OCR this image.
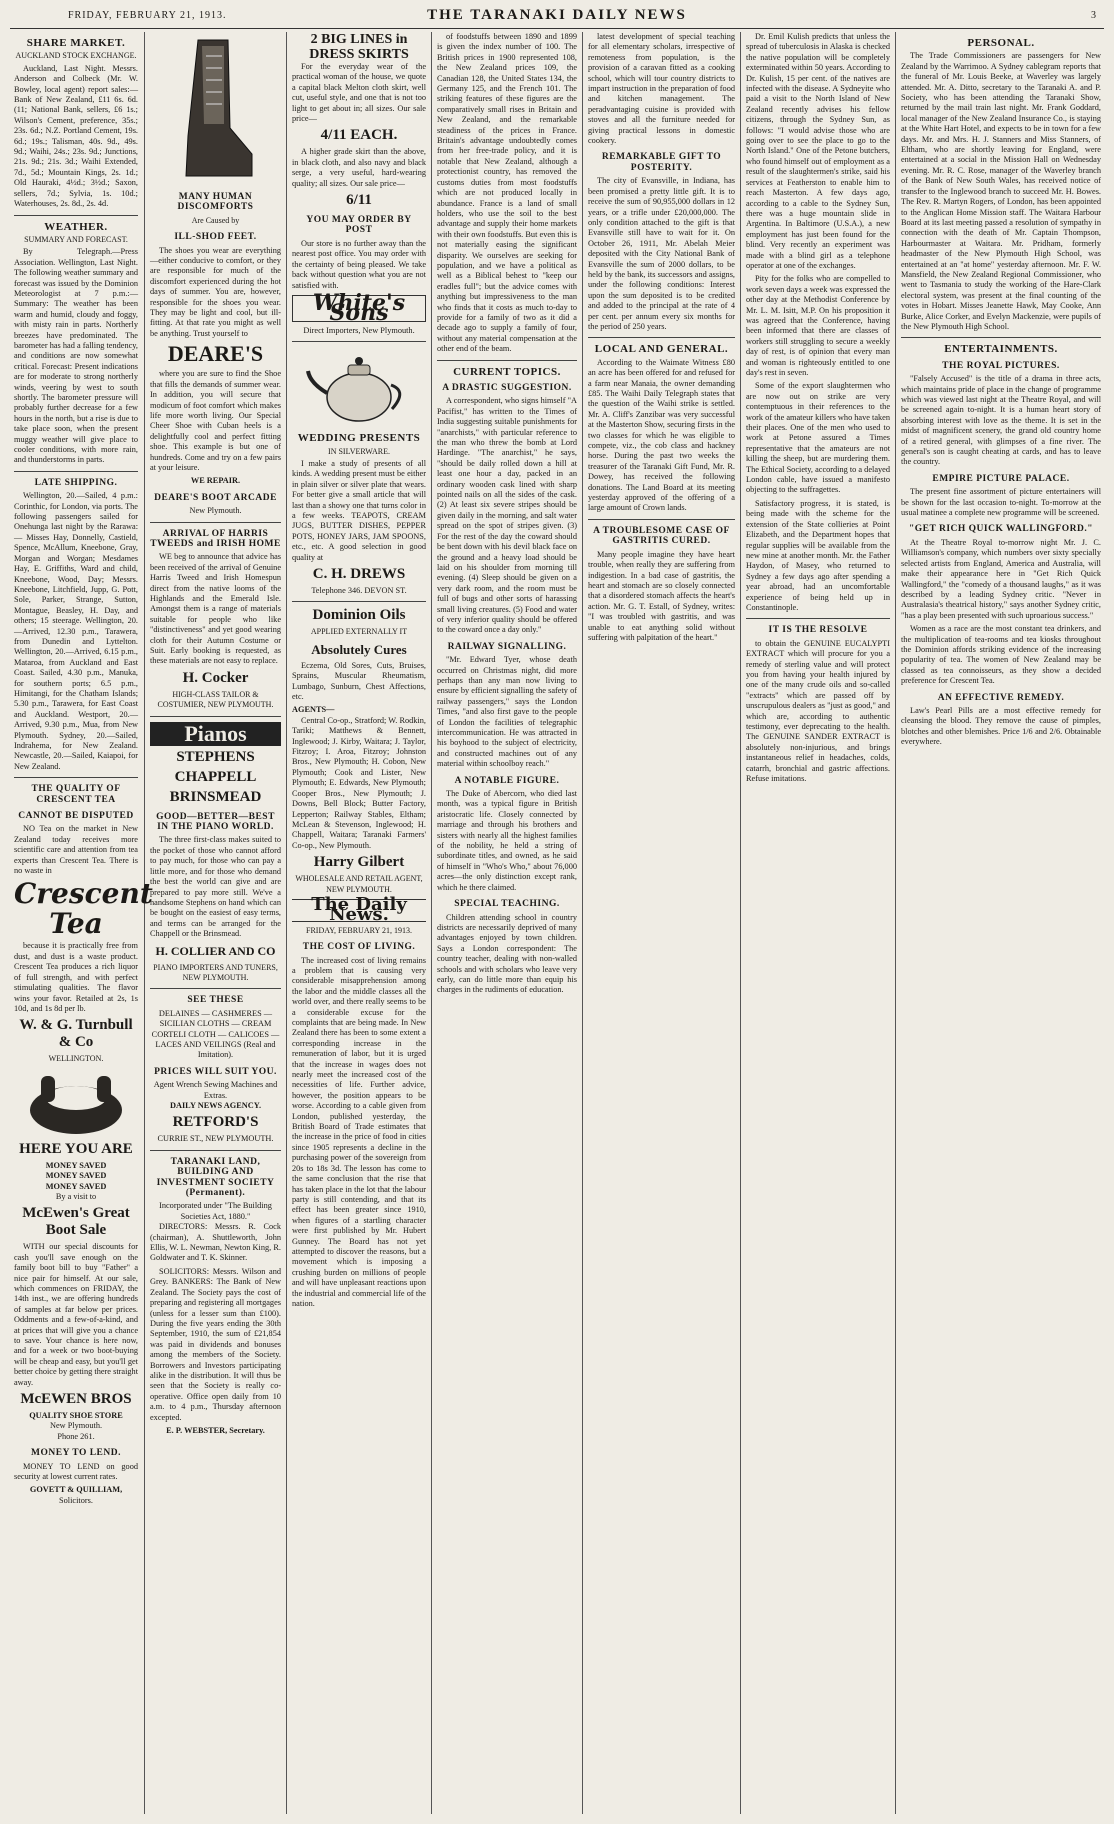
FRIDAY, FEBRUARY 21, 1913.	THE TARANAKI DAILY NEWS	3
SHARE MARKET.
AUCKLAND STOCK EXCHANGE.

Auckland, Last Night. Messrs. Anderson and Colbeck (Mr. W. Bowley, local agent) report sales:— Bank of New Zealand, £11 6s. 6d. (11; National Bank, sellers, £6 1s.; Wilson's Cement, preference, 35s.; 23s. 6d.; N.Z. Portland Cement, 19s. 6d.; 19s.; Talisman, 40s. 9d., 49s. 9d.; Waihi, 24s.; 23s. 9d.; Junctions, 21s. 9d.; 21s. 3d.; Waihi Extended, 7d., 5d.; Mountain Kings, 2s. 1d.; Old Hauraki, 4½d.; 3½d.; Saxon, sellers, 7d.; Sylvia, 1s. 10d.; Waterhouses, 2s. 8d., 2s. 4d.

WEATHER.
SUMMARY AND FORECAST.

By Telegraph.—Press Association. Wellington, Last Night. The following weather summary and forecast was issued by the Dominion Meteorologist at 7 p.m.:— Summary: The weather has been warm and humid, cloudy and foggy, with misty rain in parts. Northerly breezes have predominated. The barometer has had a falling tendency, and conditions are now somewhat critical. Forecast: Present indications are for moderate to strong northerly winds, veering by west to south shortly. The barometer pressure will probably further decrease for a few hours in the north, but a rise is due to take place soon, when the present muggy weather will give place to cooler conditions, with more rain, and thunderstorms in parts.

LATE SHIPPING.

Wellington, 20.—Sailed, 4 p.m.: Corinthic, for London, via ports. The following passengers sailed for Onehunga last night by the Rarawa:— Misses Hay, Donnelly, Castield, Spence, McAllum, Kneebone, Gray, Morgan and Worgan; Mesdames Hay, E. Griffiths, Ward and child, Kneebone, Wood, Day; Messrs. Kneebone, Litchfield, Jupp, G. Pott, Sole, Parker, Strange, Sutton, Montague, Beasley, H. Day, and others; 15 steerage. Wellington, 20.—Arrived, 12.30 p.m., Tarawera, from Dunedin and Lyttelton. Wellington, 20.—Arrived, 6.15 p.m., Mataroa, from Auckland and East Coast. Sailed, 4.30 p.m., Manuka, for southern ports; 6.5 p.m., Himitangi, for the Chatham Islands; 5.30 p.m., Tarawera, for East Coast and Auckland. Westport, 20.—Arrived, 9.30 p.m., Mua, from New Plymouth. Sydney, 20.—Sailed, Indrahema, for New Zealand. Newcastle, 20.—Sailed, Kaiapoi, for New Zealand.

THE QUALITY OF CRESCENT TEA
CANNOT BE DISPUTED

NO Tea on the market in New Zealand today receives more scientific care and attention from tea experts than Crescent Tea. There is no waste in

Crescent Tea

because it is practically free from dust, and dust is a waste product. Crescent Tea produces a rich liquor of full strength, and with perfect stimulating qualities. The flavor wins your favor. Retailed at 2s, 1s 10d, and 1s 8d per lb.

W. & G. Turnbull & Co
WELLINGTON.
HERE YOU ARE
MONEY SAVED
MONEY SAVED
MONEY SAVED
By a visit to
McEwen's Great Boot Sale

WITH our special discounts for cash you'll save enough on the family boot bill to buy "Father" a nice pair for himself. At our sale, which commences on FRIDAY, the 14th inst., we are offering hundreds of samples at far below per prices. Oddments and a few-of-a-kind, and at prices that will give you a chance to save. Your chance is here now, and for a week or two boot-buying will be cheap and easy, but you'll get better choice by getting there straight away.

McEWEN BROS
QUALITY SHOE STORE
New Plymouth.
Phone 261.
MONEY TO LEND.

MONEY TO LEND on good security at lowest current rates.

GOVETT & QUILLIAM,
Solicitors.
MANY HUMAN DISCOMFORTS
Are Caused by
ILL-SHOD FEET.

The shoes you wear are everything—either conducive to comfort, or they are responsible for much of the discomfort experienced during the hot days of summer. You are, however, responsible for the shoes you wear. They may be light and cool, but ill-fitting. At that rate you might as well be anything. Trust yourself to

DEARE'S

where you are sure to find the Shoe that fills the demands of summer wear. In addition, you will secure that modicum of foot comfort which makes life more worth living. Our Special Cheer Shoe with Cuban heels is a delightfully cool and perfect fitting shoe. This example is but one of hundreds. Come and try on a few pairs at your leisure.

WE REPAIR.
DEARE'S BOOT ARCADE
New Plymouth.
ARRIVAL OF HARRIS TWEEDS and IRISH HOME

WE beg to announce that advice has been received of the arrival of Genuine Harris Tweed and Irish Homespun direct from the native looms of the Highlands and the Emerald Isle. Amongst them is a range of materials suitable for people who like "distinctiveness" and yet good wearing cloth for their Autumn Costume or Suit. Early booking is requested, as these materials are not easy to replace.

H. Cocker
HIGH-CLASS TAILOR & COSTUMIER, NEW PLYMOUTH.
Pianos
STEPHENS
CHAPPELL
BRINSMEAD
GOOD—BETTER—BEST IN THE PIANO WORLD.

The three first-class makes suited to the pocket of those who cannot afford to pay much, for those who can pay a little more, and for those who demand the best the world can give and are prepared to pay more still. We've a handsome Stephens on hand which can be bought on the easiest of easy terms, and terms can be arranged for the Chappell or the Brinsmead.

H. COLLIER AND CO
PIANO IMPORTERS AND TUNERS, NEW PLYMOUTH.
SEE THESE
DELAINES — CASHMERES — SICILIAN CLOTHS — CREAM CORTELI CLOTH — CALICOES — LACES AND VEILINGS (Real and Imitation).
PRICES WILL SUIT YOU.
Agent Wrench Sewing Machines and Extras.
DAILY NEWS AGENCY.
RETFORD'S
CURRIE ST., NEW PLYMOUTH.
TARANAKI LAND, BUILDING AND INVESTMENT SOCIETY (Permanent).
Incorporated under "The Building Societies Act, 1880."

DIRECTORS: Messrs. R. Cock (chairman), A. Shuttleworth, John Ellis, W. L. Newman, Newton King, R. Goldwater and T. K. Skinner.

SOLICITORS: Messrs. Wilson and Grey. BANKERS: The Bank of New Zealand. The Society pays the cost of preparing and registering all mortgages (unless for a lesser sum than £100). During the five years ending the 30th September, 1910, the sum of £21,854 was paid in dividends and bonuses among the members of the Society. Borrowers and Investors participating alike in the distribution. It will thus be seen that the Society is really co-operative. Office open daily from 10 a.m. to 4 p.m., Thursday afternoon excepted.

E. P. WEBSTER, Secretary.
2 BIG LINES in DRESS SKIRTS

For the everyday wear of the practical woman of the house, we quote a capital black Melton cloth skirt, well cut, useful style, and one that is not too light to get about in; all sizes. Our sale price—

4/11 EACH.

A higher grade skirt than the above, in black cloth, and also navy and black serge, a very useful, hard-wearing quality; all sizes. Our sale price—

6/11
YOU MAY ORDER BY POST

Our store is no further away than the nearest post office. You may order with the certainty of being pleased. We take back without question what you are not satisfied with.

White's Sons
Direct Importers, New Plymouth.
WEDDING PRESENTS
IN SILVERWARE.

I make a study of presents of all kinds. A wedding present must be either in plain silver or silver plate that wears. For better give a small article that will last than a showy one that turns color in a few weeks. TEAPOTS, CREAM JUGS, BUTTER DISHES, PEPPER POTS, HONEY JARS, JAM SPOONS, etc., etc. A good selection in good quality at

C. H. DREWS
Telephone 346. DEVON ST.
Dominion Oils
APPLIED EXTERNALLY IT
Absolutely Cures

Eczema, Old Sores, Cuts, Bruises, Sprains, Muscular Rheumatism, Lumbago, Sunburn, Chest Affections, etc.

AGENTS—

Central Co-op., Stratford; W. Rodkin, Tariki; Matthews & Bennett, Inglewood; J. Kirby, Waitara; J. Taylor, Fitzroy; I. Aroa, Fitzroy; Johnston Bros., New Plymouth; H. Cobon, New Plymouth; Cook and Lister, New Plymouth; E. Edwards, New Plymouth; Cooper Bros., New Plymouth; J. Downs, Bell Block; Butter Factory, Lepperton; Railway Stables, Eltham; McLean & Stevenson, Inglewood; H. Chappell, Waitara; Taranaki Farmers' Co-op., New Plymouth.

Harry Gilbert
WHOLESALE AND RETAIL AGENT, NEW PLYMOUTH.
The Daily News.
FRIDAY, FEBRUARY 21, 1913.
THE COST OF LIVING.

The increased cost of living remains a problem that is causing very considerable misapprehension among the labor and the middle classes all the world over, and there really seems to be a considerable excuse for the complaints that are being made. In New Zealand there has been to some extent a corresponding increase in the remuneration of labor, but it is urged that the increase in wages does not nearly meet the increased cost of the necessities of life. Further advice, however, the position appears to be worse. According to a cable given from London, published yesterday, the British Board of Trade estimates that the increase in the price of food in cities since 1905 represents a decline in the purchasing power of the sovereign from 20s to 18s 3d. The lesson has come to the same conclusion that the rise that has taken place in the lot that the labour party is still contending, and that its effect has been greater since 1910, when figures of a startling character were first published by Mr. Hubert Gunney. The Board has not yet attempted to discover the reasons, but a movement which is imposing a crushing burden on millions of people and will have unpleasant reactions upon the industrial and commercial life of the nation.

of foodstuffs between 1890 and 1899 is given the index number of 100. The British prices in 1900 represented 108, the New Zealand prices 109, the Canadian 128, the United States 134, the Germany 125, and the French 101. The striking features of these figures are the comparatively small rises in Britain and New Zealand, and the remarkable steadiness of the prices in France. Britain's advantage undoubtedly comes from her free-trade policy, and it is notable that New Zealand, although a protectionist country, has removed the customs duties from most foodstuffs which are not produced locally in abundance. France is a land of small holders, who use the soil to the best advantage and supply their home markets with their own foodstuffs. But even this is not materially easing the significant disparity. We ourselves are seeking for population, and we have a political as well as a Biblical behest to "keep our eradles full"; but the advice comes with anything but impressiveness to the man who finds that it costs as much to-day to provide for a family of two as it did a decade ago to supply a family of four, without any material compensation at the other end of the beam.

CURRENT TOPICS.
A DRASTIC SUGGESTION.

A correspondent, who signs himself "A Pacifist," has written to the Times of India suggesting suitable punishments for "anarchists," with particular reference to the man who threw the bomb at Lord Hardinge. "The anarchist," he says, "should be daily rolled down a hill at least one hour a day, packed in an ordinary wooden cask lined with sharp pointed nails on all the sides of the cask. (2) At least six severe stripes should be given daily in the morning, and salt water spread on the spot of stripes given. (3) For the rest of the day the coward should be bent down with his devil black face on the ground and a heavy load should be laid on his shoulder from morning till evening. (4) Sleep should be given on a very dark room, and the room must be full of bugs and other sorts of harassing small living creatures. (5) Food and water of very inferior quality should be offered to the coward once a day only."

RAILWAY SIGNALLING.

"Mr. Edward Tyer, whose death occurred on Christmas night, did more perhaps than any man now living to ensure by efficient signalling the safety of railway passengers," says the London Times, "and also first gave to the people of London the facilities of telegraphic intercommunication. He was attracted in his boyhood to the subject of electricity, and constructed machines out of any material within schoolboy reach."

A NOTABLE FIGURE.

The Duke of Abercorn, who died last month, was a typical figure in British aristocratic life. Closely connected by marriage and through his brothers and sisters with nearly all the highest families of the nobility, he held a string of subordinate titles, and owned, as he said of himself in "Who's Who," about 76,000 acres—the only distinction except rank, which he there claimed.

SPECIAL TEACHING.

Children attending school in country districts are necessarily deprived of many advantages enjoyed by town children. Says a London correspondent: The country teacher, dealing with non-walled schools and with scholars who leave very early, can do little more than equip his charges in the rudiments of education.

latest development of special teaching for all elementary scholars, irrespective of remoteness from population, is the provision of a caravan fitted as a cooking school, which will tour country districts to impart instruction in the preparation of food and kitchen management. The peradvantaging cuisine is provided with stoves and all the furniture needed for giving practical lessons in domestic cookery.

REMARKABLE GIFT TO POSTERITY.

The city of Evansville, in Indiana, has been promised a pretty little gift. It is to receive the sum of 90,955,000 dollars in 12 years, or a trifle under £20,000,000. The only condition attached to the gift is that Evansville still have to wait for it. On October 26, 1911, Mr. Abelah Meier deposited with the City National Bank of Evansville the sum of 2000 dollars, to be held by the bank, its successors and assigns, under the following conditions: Interest upon the sum deposited is to be credited and added to the principal at the rate of 4 per cent. per annum every six months for the period of 250 years.

LOCAL AND GENERAL.

According to the Waimate Witness £80 an acre has been offered for and refused for a farm near Manaia, the owner demanding £85. The Waihi Daily Telegraph states that the question of the Waihi strike is settled. Mr. A. Cliff's Zanzibar was very successful at the Masterton Show, securing firsts in the two classes for which he was eligible to compete, viz., the cob class and hackney horse. During the past two weeks the treasurer of the Taranaki Gift Fund, Mr. R. Dowey, has received the following donations. The Land Board at its meeting yesterday approved of the offering of a large amount of Crown lands.

A TROUBLESOME CASE OF GASTRITIS CURED.

Many people imagine they have heart trouble, when really they are suffering from indigestion. In a bad case of gastritis, the heart and stomach are so closely connected that a disordered stomach affects the heart's action. Mr. G. T. Estall, of Sydney, writes: "I was troubled with gastritis, and was unable to eat anything solid without suffering with palpitation of the heart."

Dr. Emil Kulish predicts that unless the spread of tuberculosis in Alaska is checked the native population will be completely exterminated within 50 years. According to Dr. Kulish, 15 per cent. of the natives are infected with the disease. A Sydneyite who paid a visit to the North Island of New Zealand recently advises his fellow citizens, through the Sydney Sun, as follows: "I would advise those who are going over to see the place to go to the North Island." One of the Petone butchers, who found himself out of employment as a result of the slaughtermen's strike, said his services at Featherston to enable him to reach Masterton. A few days ago, according to a cable to the Sydney Sun, there was a huge mountain slide in Argentina. In Baltimore (U.S.A.), a new employment has just been found for the blind. Very recently an experiment was made with a blind girl as a telephone operator at one of the exchanges.

Pity for the folks who are compelled to work seven days a week was expressed the other day at the Methodist Conference by Mr. L. M. Isitt, M.P. On his proposition it was agreed that the Conference, having been informed that there are classes of workers still struggling to secure a weekly day of rest, is of opinion that every man and woman is righteously entitled to one day's rest in seven.

Some of the export slaughtermen who are now out on strike are very contemptuous in their references to the work of the amateur killers who have taken their places. One of the men who used to work at Petone assured a Times representative that the amateurs are not killing the sheep, but are murdering them. The Ethical Society, according to a delayed London cable, have issued a manifesto objecting to the suffragettes.

Satisfactory progress, it is stated, is being made with the scheme for the extension of the State collieries at Point Elizabeth, and the Department hopes that regular supplies will be available from the new mine at another month. Mr. the Father Haydon, of Masey, who returned to Sydney a few days ago after spending a year abroad, had an uncomfortable experience of being held up in Constantinople.

IT IS THE RESOLVE

to obtain the GENUINE EUCALYPTI EXTRACT which will procure for you a remedy of sterling value and will protect you from having your health injured by one of the many crude oils and so-called "extracts" which are passed off by unscrupulous dealers as "just as good," and which are, according to authentic testimony, ever deprecating to the health. The GENUINE SANDER EXTRACT is absolutely non-injurious, and brings instantaneous relief in headaches, colds, catarrh, bronchial and gastric affections. Refuse imitations.

PERSONAL.

The Trade Commissioners are passengers for New Zealand by the Warrimoo. A Sydney cablegram reports that the funeral of Mr. Louis Beeke, at Waverley was largely attended. Mr. A. Ditto, secretary to the Taranaki A. and P. Society, who has been attending the Taranaki Show, returned by the mail train last night. Mr. Frank Goddard, local manager of the New Zealand Insurance Co., is staying at the White Hart Hotel, and expects to be in town for a few days. Mr. and Mrs. H. J. Stanners and Miss Stanners, of Eltham, who are shortly leaving for England, were entertained at a social in the Mission Hall on Wednesday evening. Mr. R. C. Rose, manager of the Waverley branch of the Bank of New South Wales, has received notice of transfer to the Inglewood branch to succeed Mr. H. Bowes. The Rev. R. Martyn Rogers, of London, has been appointed to the Anglican Home Mission staff. The Waitara Harbour Board at its last meeting passed a resolution of sympathy in connection with the death of Mr. Captain Thompson, Harbourmaster at Waitara. Mr. Pridham, formerly headmaster of the New Plymouth High School, was entertained at an "at home" yesterday afternoon. Mr. F. W. Mansfield, the New Zealand Regional Commissioner, who went to Tasmania to study the working of the Hare-Clark electoral system, was present at the final counting of the votes in Hobart. Misses Jeanette Hawk, May Cooke, Ann Burke, Alice Corker, and Evelyn Mackenzie, were pupils of the New Plymouth High School.

ENTERTAINMENTS.
THE ROYAL PICTURES.

"Falsely Accused" is the title of a drama in three acts, which maintains pride of place in the change of programme which was viewed last night at the Theatre Royal, and will be screened again to-night. It is a human heart story of absorbing interest with love as the theme. It is set in the midst of magnificent scenery, the grand old country home of a retired general, with glimpses of a fine river. The general's son is caught cheating at cards, and has to leave the country.

EMPIRE PICTURE PALACE.

The present fine assortment of picture entertainers will be shown for the last occasion to-night. To-morrow at the usual matinee a complete new programme will be screened.

"GET RICH QUICK WALLINGFORD."

At the Theatre Royal to-morrow night Mr. J. C. Williamson's company, which numbers over sixty specially selected artists from England, America and Australia, will make their appearance here in "Get Rich Quick Wallingford," the "comedy of a thousand laughs," as it was described by a leading Sydney critic. "Never in Australasia's theatrical history," says another Sydney critic, "has a play been presented with such uproarious success."

Women as a race are the most constant tea drinkers, and the multiplication of tea-rooms and tea kiosks throughout the Dominion affords striking evidence of the increasing popularity of tea. The women of New Zealand may be classed as tea connoisseurs, as they show a decided preference for Crescent Tea.

AN EFFECTIVE REMEDY.

Law's Pearl Pills are a most effective remedy for cleansing the blood. They remove the cause of pimples, blotches and other blemishes. Price 1/6 and 2/6. Obtainable everywhere.
